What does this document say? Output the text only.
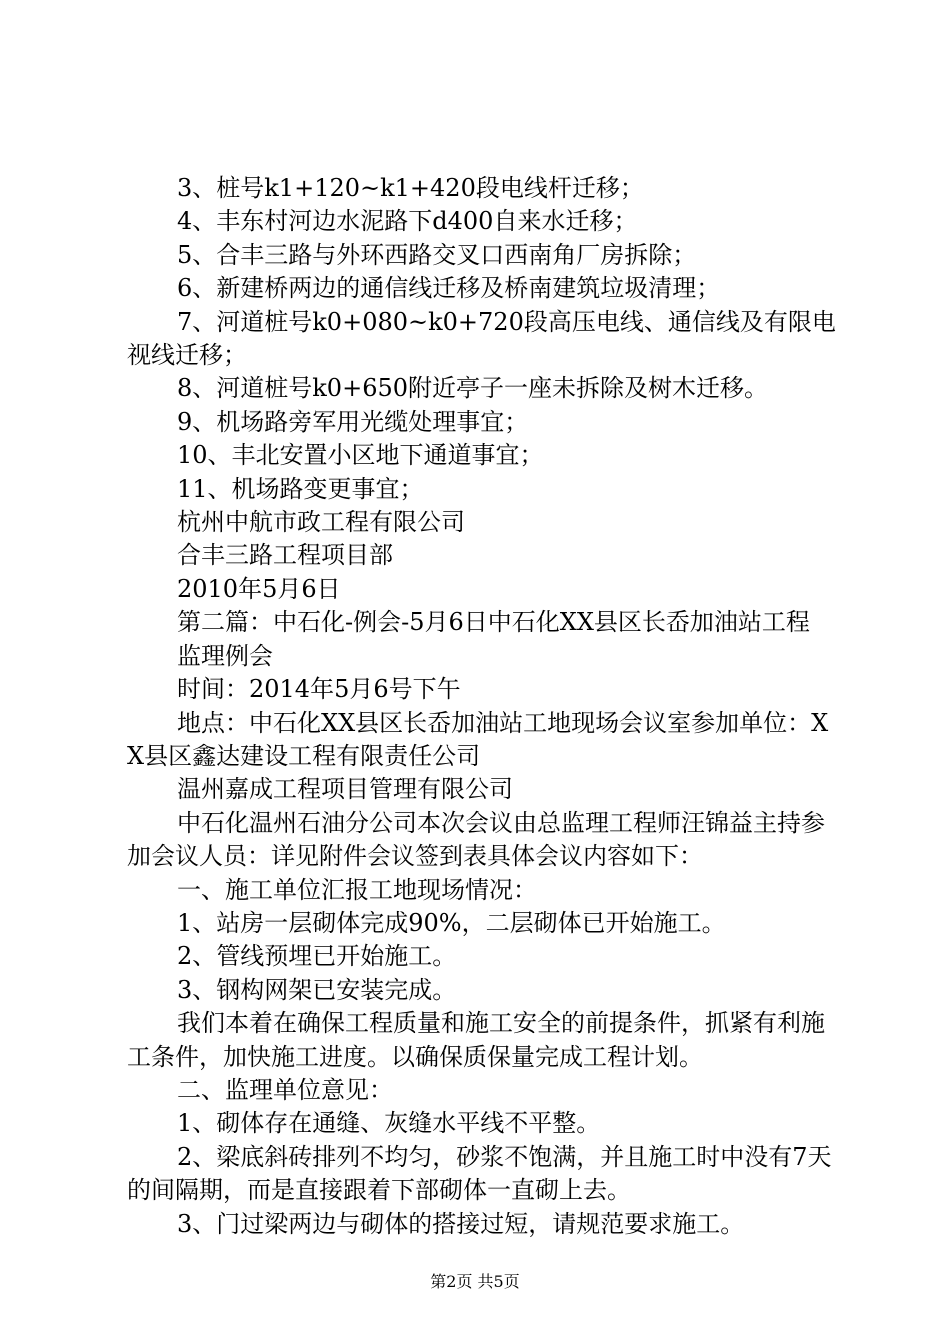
3、桩号k1+120~k1+420段电线杆迁移；

4、丰东村河边水泥路下d400自来水迁移；

5、合丰三路与外环西路交叉口西南角厂房拆除；

6、新建桥两边的通信线迁移及桥南建筑垃圾清理；

7、河道桩号k0+080~k0+720段高压电线、通信线及有限电视线迁移；

8、河道桩号k0+650附近亭子一座未拆除及树木迁移。

9、机场路旁军用光缆处理事宜；

10、丰北安置小区地下通道事宜；

11、机场路变更事宜；

杭州中航市政工程有限公司

合丰三路工程项目部

2010年5月6日

第二篇：中石化-例会-5月6日中石化XX县区长岙加油站工程

监理例会

时间：2014年5月6号下午

地点：中石化XX县区长岙加油站工地现场会议室参加单位：XX县区鑫达建设工程有限责任公司

温州嘉成工程项目管理有限公司

中石化温州石油分公司本次会议由总监理工程师汪锦益主持参加会议人员：详见附件会议签到表具体会议内容如下：

一、施工单位汇报工地现场情况：

1、站房一层砌体完成90%，二层砌体已开始施工。

2、管线预埋已开始施工。

3、钢构网架已安装完成。

我们本着在确保工程质量和施工安全的前提条件，抓紧有利施工条件，加快施工进度。以确保质保量完成工程计划。

二、监理单位意见：

1、砌体存在通缝、灰缝水平线不平整。

2、梁底斜砖排列不均匀，砂浆不饱满，并且施工时中没有7天的间隔期，而是直接跟着下部砌体一直砌上去。

3、门过梁两边与砌体的搭接过短，请规范要求施工。

第2页 共5页
